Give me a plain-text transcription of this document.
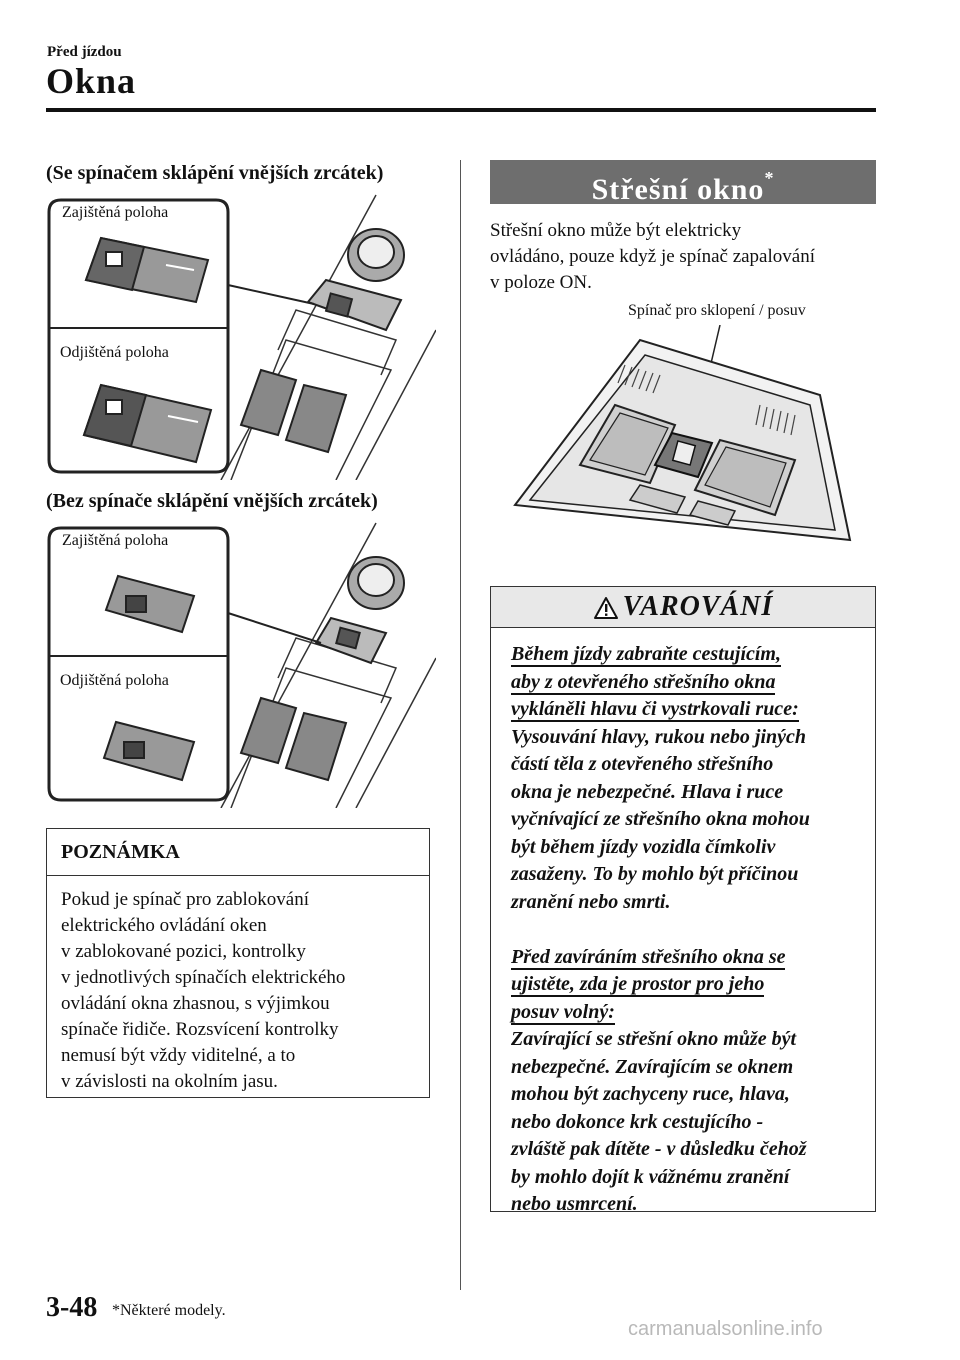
Před jízdou
Okna
(Se spínačem sklápění vnějších zrcátek)
Zajištěná poloha
Odjištěná poloha
(Bez spínače sklápění vnějších zrcátek)
Zajištěná poloha
Odjištěná poloha
POZNÁMKA
Pokud je spínač pro zablokování
elektrického ovládání oken
v zablokované pozici, kontrolky
v jednotlivých spínačích elektrického
ovládání okna zhasnou, s výjimkou
spínače řidiče. Rozsvícení kontrolky
nemusí být vždy viditelné, a to
v závislosti na okolním jasu.
Střešní okno*
Střešní okno může být elektricky
ovládáno, pouze když je spínač zapalování
v poloze ON.
Spínač pro sklopení / posuv
VAROVÁNÍ
Během jízdy zabraňte cestujícím,
aby z otevřeného střešního okna
vykláněli hlavu či vystrkovali ruce:
Vysouvání hlavy, rukou nebo jiných
částí těla z otevřeného střešního
okna je nebezpečné. Hlava i ruce
vyčnívající ze střešního okna mohou
být během jízdy vozidla čímkoliv
zasaženy. To by mohlo být příčinou
zranění nebo smrti.
Před zavíráním střešního okna se
ujistěte, zda je prostor pro jeho
posuv volný:
Zavírající se střešní okno může být
nebezpečné. Zavírajícím se oknem
mohou být zachyceny ruce, hlava,
nebo dokonce krk cestujícího -
zvláště pak dítěte - v důsledku čehož
by mohlo dojít k vážnému zranění
nebo usmrcení.
3-48 *Některé modely.
carmanualsonline.info
